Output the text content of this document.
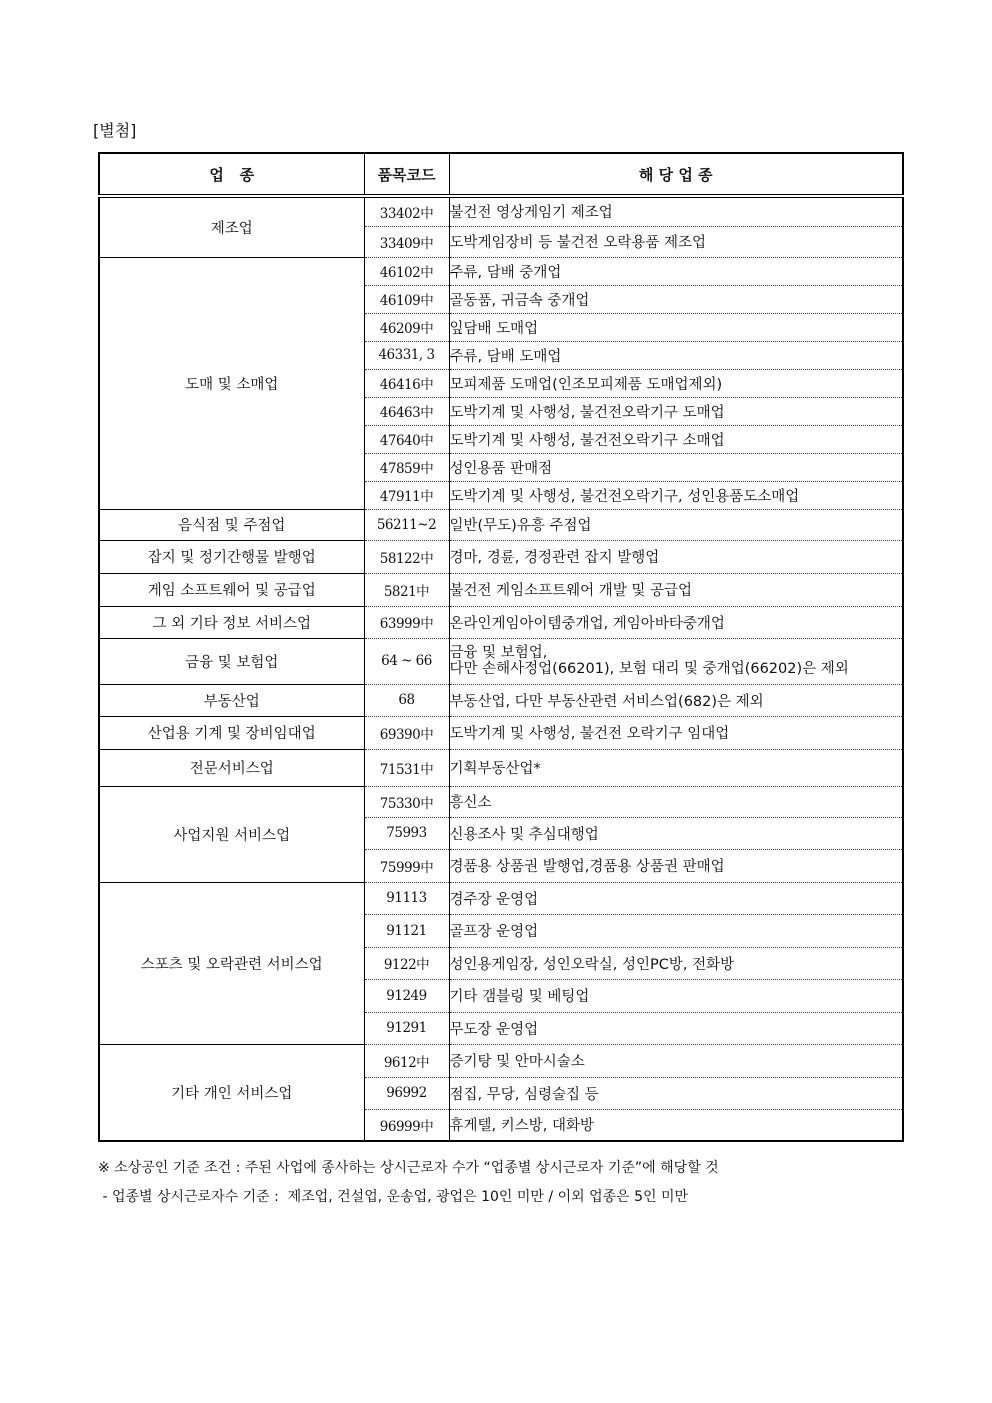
[별첨]
업   종	품목코드	해 당 업 종
제조업	33402中	불건전 영상게임기 제조업
	33409中	도박게임장비 등 불건전 오락용품 제조업
도매 및 소매업	46102中	주류, 담배 중개업
	46109中	골동품, 귀금속 중개업
	46209中	잎담배 도매업
	46331, 3	주류, 담배 도매업
	46416中	모피제품 도매업(인조모피제품 도매업제외)
	46463中	도박기계 및 사행성, 불건전오락기구 도매업
	47640中	도박기계 및 사행성, 불건전오락기구 소매업
	47859中	성인용품 판매점
	47911中	도박기계 및 사행성, 불건전오락기구, 성인용품도소매업
음식점 및 주점업	56211~2	일반(무도)유흥 주점업
잡지 및 정기간행물 발행업	58122中	경마, 경륜, 경정관련 잡지 발행업
게임 소프트웨어 및 공급업	5821中	불건전 게임소프트웨어 개발 및 공급업
그 외 기타 정보 서비스업	63999中	온라인게임아이템중개업, 게임아바타중개업
금융 및 보험업	64 ~ 66	금융 및 보험업,
다만 손해사정업(66201), 보험 대리 및 중개업(66202)은 제외

부동산업	68	부동산업, 다만 부동산관련 서비스업(682)은 제외
산업용 기계 및 장비임대업	69390中	도박기계 및 사행성, 불건전 오락기구 임대업
전문서비스업	71531中	기획부동산업*
사업지원 서비스업	75330中	흥신소
	75993	신용조사 및 추심대행업
	75999中	경품용 상품권 발행업,경품용 상품권 판매업
스포츠 및 오락관련 서비스업	91113	경주장 운영업
	91121	골프장 운영업
	9122中	성인용게임장, 성인오락실, 성인PC방, 전화방
	91249	기타 갬블링 및 베팅업
	91291	무도장 운영업
기타 개인 서비스업	9612中	증기탕 및 안마시술소
	96992	점집, 무당, 심령술집 등
	96999中	휴게텔, 키스방, 대화방
※ 소상공인 기준 조건 : 주된 사업에 종사하는 상시근로자 수가 “업종별 상시근로자 기준”에 해당할 것
- 업종별 상시근로자수 기준 :  제조업, 건설업, 운송업, 광업은 10인 미만 / 이외 업종은 5인 미만
